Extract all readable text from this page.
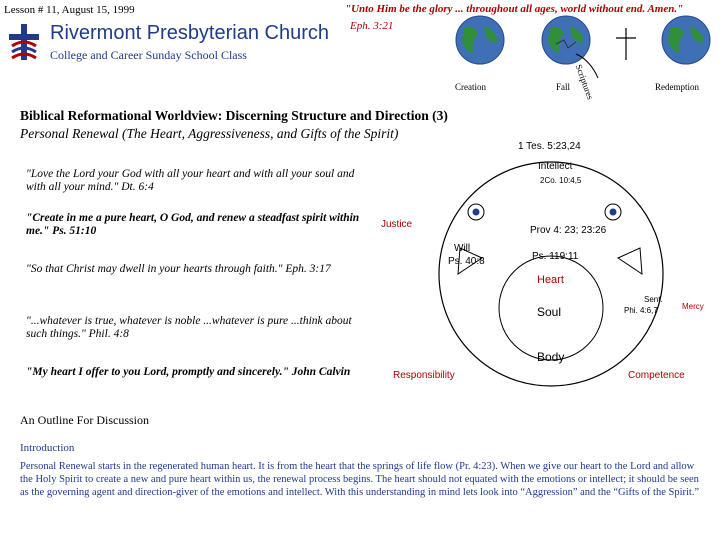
Lesson # 11, August 15, 1999
Rivermont Presbyterian Church
College and Career Sunday School Class
"Unto Him be the glory ... throughout all ages, world without end. Amen."
Eph. 3:21
Creation	Fall Scriptures	Redemption
Biblical Reformational Worldview: Discerning Structure and Direction (3)
Personal Renewal (The Heart, Aggressiveness, and Gifts of the Spirit)
"Love the Lord your God with all your heart and with all your soul and with all your mind." Dt. 6:4
"Create in me a pure heart, O God, and renew a steadfast spirit within me." Ps. 51:10
"So that Christ may dwell in your hearts through faith." Eph. 3:17
"...whatever is true, whatever is noble ...whatever is pure ...think about such things." Phil. 4:8
"My heart I offer to you Lord, promptly and sincerely." John Calvin
1 Tes. 5:23,24
Intellect
2Co. 10:4,5
Justice
Will
Ps. 40:8
Prov 4: 23; 23:26
Ps. 119:11
Heart
Soul
Body
Sent.
Phi. 4:6,7	Mercy
Responsibility	Competence
An Outline For Discussion
Introduction
Personal Renewal starts in the regenerated human heart. It is from the heart that the springs of life flow (Pr. 4:23). When we give our heart to the Lord and allow the Holy Spirit to create a new and pure heart within us, the renewal process begins. The heart should not equated with the emotions or intellect; it should be seen as the governing agent and direction-giver of the emotions and intellect. With this understanding in mind lets look into “Aggression” and the “Gifts of the Spirit.”
